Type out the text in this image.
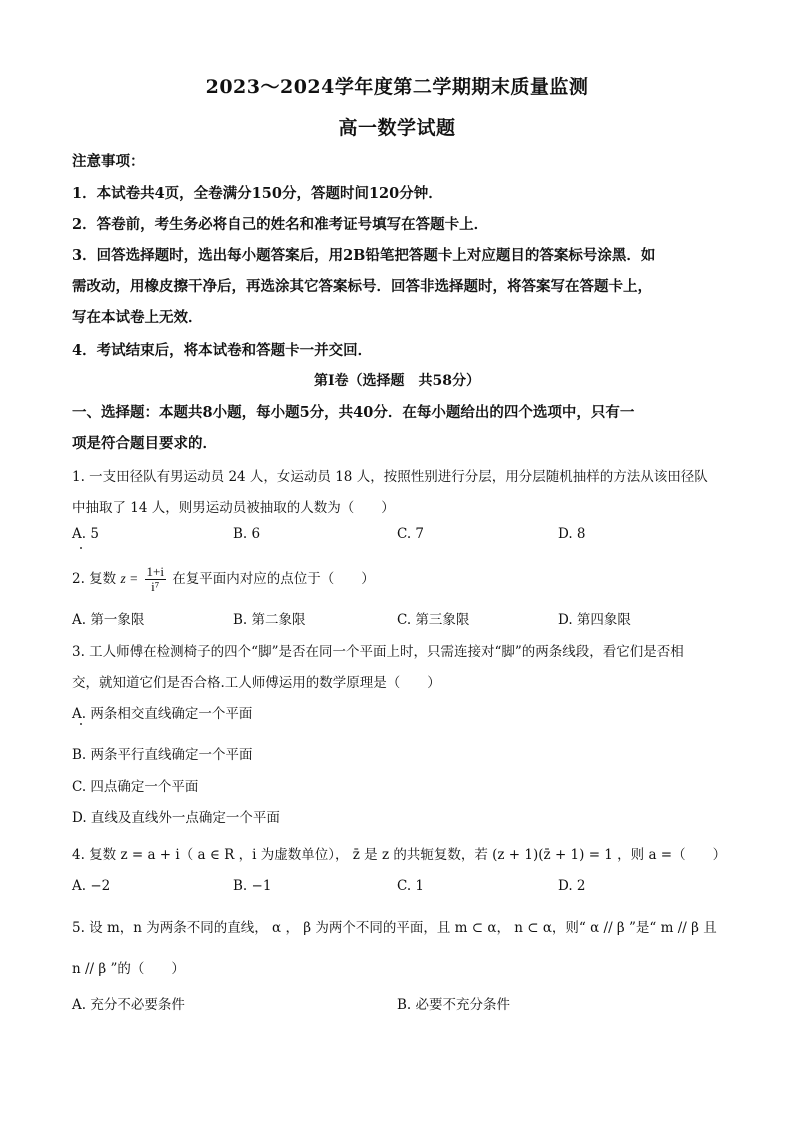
2023～2024学年度第二学期期末质量监测
高一数学试题
注意事项：
1．本试卷共4页，全卷满分150分，答题时间120分钟．
2．答卷前，考生务必将自己的姓名和准考证号填写在答题卡上．
3．回答选择题时，选出每小题答案后，用2B铅笔把答题卡上对应题目的答案标号涂黑．如
需改动，用橡皮擦干净后，再选涂其它答案标号．回答非选择题时，将答案写在答题卡上，
写在本试卷上无效．
4．考试结束后，将本试卷和答题卡一并交回．
第Ⅰ卷（选择题　共58分）
一、选择题：本题共8小题，每小题5分，共40分．在每小题给出的四个选项中，只有一
项是符合题目要求的．
1. 一支田径队有男运动员 24 人，女运动员 18 人，按照性别进行分层，用分层随机抽样的方法从该田径队
中抽取了 14 人，则男运动员被抽取的人数为（　　）
A. 5	B. 6	C. 7	D. 8
2. 复数 $z = \frac{1+i}{\text{i⁷}}$ 在复平面内对应的点位于（　　）
A. 第一象限	B. 第二象限	C. 第三象限	D. 第四象限
3. 工人师傅在检测椅子的四个“脚”是否在同一个平面上时，只需连接对“脚”的两条线段，看它们是否相
交，就知道它们是否合格.工人师傅运用的数学原理是（　　）
A. 两条相交直线确定一个平面
B. 两条平行直线确定一个平面
C. 四点确定一个平面
D. 直线及直线外一点确定一个平面
4. 复数 z = a + i（ a ∈ R ，i 为虚数单位）， z̄ 是 z 的共轭复数，若 (z + 1)(z̄ + 1) = 1 ，则 a =（　　）
A. −2	B. −1	C. 1	D. 2
5. 设 m，n 为两条不同的直线， α ， β 为两个不同的平面，且 m ⊂ α， n ⊂ α，则“ α // β ”是“ m // β 且
n // β ”的（　　）
A. 充分不必要条件	B. 必要不充分条件
